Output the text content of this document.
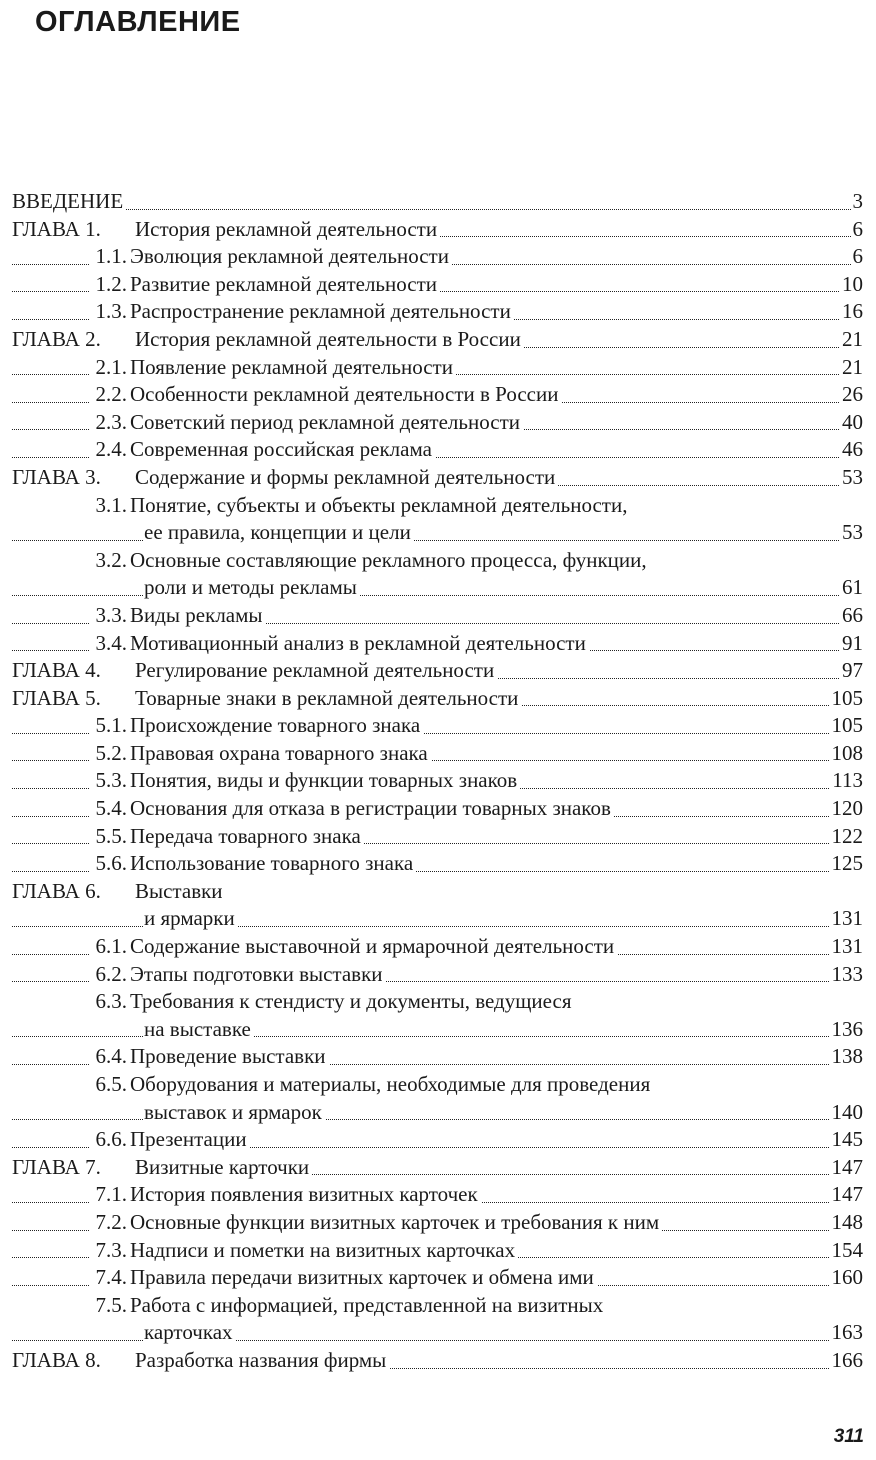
ОГЛАВЛЕНИЕ
ВВЕДЕНИЕ	3
ГЛАВА 1. История рекламной деятельности	6
1.1. Эволюция рекламной деятельности	6
1.2. Развитие рекламной деятельности	10
1.3. Распространение рекламной деятельности	16
ГЛАВА 2. История рекламной деятельности в России	21
2.1. Появление рекламной деятельности	21
2.2. Особенности рекламной деятельности в России	26
2.3. Советский период рекламной деятельности	40
2.4. Современная российская реклама	46
ГЛАВА 3. Содержание и формы рекламной деятельности	53
3.1. Понятие, субъекты и объекты рекламной деятельности,
ее правила, концепции и цели	53
3.2. Основные составляющие рекламного процесса, функции,
роли и методы рекламы	61
3.3. Виды рекламы	66
3.4. Мотивационный анализ в рекламной деятельности	91
ГЛАВА 4. Регулирование рекламной деятельности	97
ГЛАВА 5. Товарные знаки в рекламной деятельности	105
5.1. Происхождение товарного знака	105
5.2. Правовая охрана товарного знака	108
5.3. Понятия, виды и функции товарных знаков	113
5.4. Основания для отказа в регистрации товарных знаков	120
5.5. Передача товарного знака	122
5.6. Использование товарного знака	125
ГЛАВА 6. Выставки
и ярмарки	131
6.1. Содержание выставочной и ярмарочной деятельности	131
6.2. Этапы подготовки выставки	133
6.3. Требования к стендисту и документы, ведущиеся
на выставке	136
6.4. Проведение выставки	138
6.5. Оборудования и материалы, необходимые для проведения
выставок и ярмарок	140
6.6. Презентации	145
ГЛАВА 7. Визитные карточки	147
7.1. История появления визитных карточек	147
7.2. Основные функции визитных карточек и требования к ним	148
7.3. Надписи и пометки на визитных карточках	154
7.4. Правила передачи визитных карточек и обмена ими	160
7.5. Работа с информацией, представленной на визитных
карточках	163
ГЛАВА 8. Разработка названия фирмы	166
311
